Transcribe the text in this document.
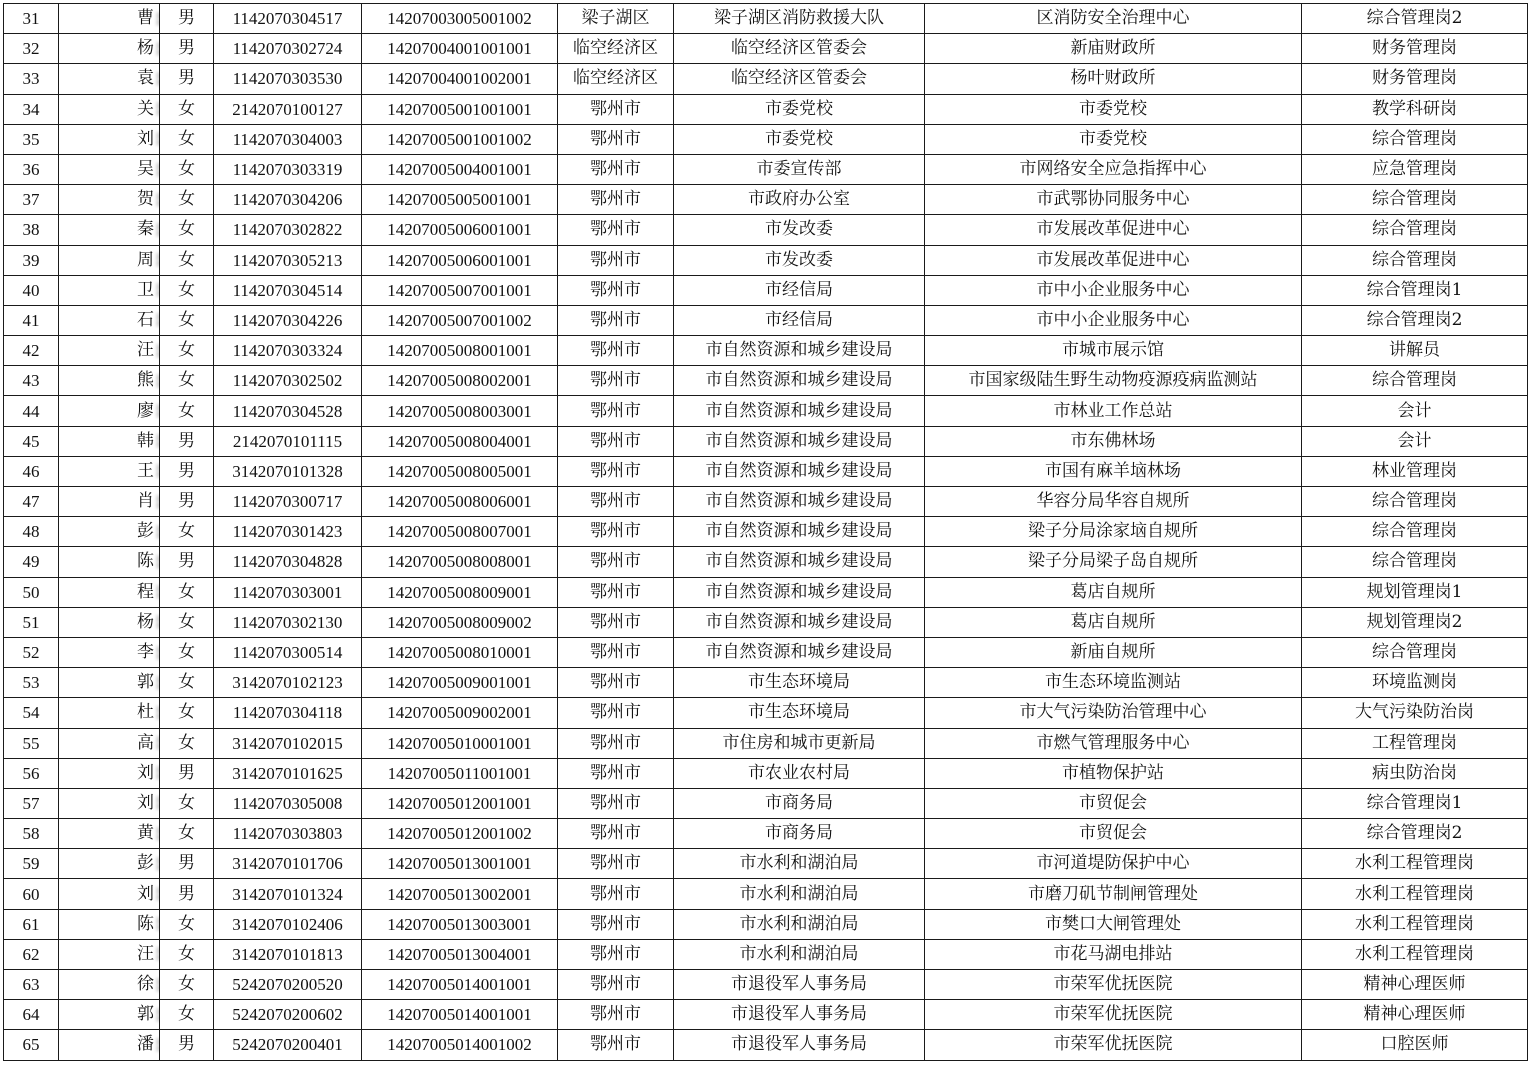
31	曹	男	1142070304517	14207003005001002	梁子湖区	梁子湖区消防救援大队	区消防安全治理中心	综合管理岗2
32	杨	男	1142070302724	14207004001001001	临空经济区	临空经济区管委会	新庙财政所	财务管理岗
33	袁	男	1142070303530	14207004001002001	临空经济区	临空经济区管委会	杨叶财政所	财务管理岗
34	关	女	2142070100127	14207005001001001	鄂州市	市委党校	市委党校	教学科研岗
35	刘	女	1142070304003	14207005001001002	鄂州市	市委党校	市委党校	综合管理岗
36	吴	女	1142070303319	14207005004001001	鄂州市	市委宣传部	市网络安全应急指挥中心	应急管理岗
37	贺	女	1142070304206	14207005005001001	鄂州市	市政府办公室	市武鄂协同服务中心	综合管理岗
38	秦	女	1142070302822	14207005006001001	鄂州市	市发改委	市发展改革促进中心	综合管理岗
39	周	女	1142070305213	14207005006001001	鄂州市	市发改委	市发展改革促进中心	综合管理岗
40	卫	女	1142070304514	14207005007001001	鄂州市	市经信局	市中小企业服务中心	综合管理岗1
41	石	女	1142070304226	14207005007001002	鄂州市	市经信局	市中小企业服务中心	综合管理岗2
42	汪	女	1142070303324	14207005008001001	鄂州市	市自然资源和城乡建设局	市城市展示馆	讲解员
43	熊	女	1142070302502	14207005008002001	鄂州市	市自然资源和城乡建设局	市国家级陆生野生动物疫源疫病监测站	综合管理岗
44	廖	女	1142070304528	14207005008003001	鄂州市	市自然资源和城乡建设局	市林业工作总站	会计
45	韩	男	2142070101115	14207005008004001	鄂州市	市自然资源和城乡建设局	市东佛林场	会计
46	王	男	3142070101328	14207005008005001	鄂州市	市自然资源和城乡建设局	市国有麻羊垴林场	林业管理岗
47	肖	男	1142070300717	14207005008006001	鄂州市	市自然资源和城乡建设局	华容分局华容自规所	综合管理岗
48	彭	女	1142070301423	14207005008007001	鄂州市	市自然资源和城乡建设局	梁子分局涂家垴自规所	综合管理岗
49	陈	男	1142070304828	14207005008008001	鄂州市	市自然资源和城乡建设局	梁子分局梁子岛自规所	综合管理岗
50	程	女	1142070303001	14207005008009001	鄂州市	市自然资源和城乡建设局	葛店自规所	规划管理岗1
51	杨	女	1142070302130	14207005008009002	鄂州市	市自然资源和城乡建设局	葛店自规所	规划管理岗2
52	李	女	1142070300514	14207005008010001	鄂州市	市自然资源和城乡建设局	新庙自规所	综合管理岗
53	郭	女	3142070102123	14207005009001001	鄂州市	市生态环境局	市生态环境监测站	环境监测岗
54	杜	女	1142070304118	14207005009002001	鄂州市	市生态环境局	市大气污染防治管理中心	大气污染防治岗
55	高	女	3142070102015	14207005010001001	鄂州市	市住房和城市更新局	市燃气管理服务中心	工程管理岗
56	刘	男	3142070101625	14207005011001001	鄂州市	市农业农村局	市植物保护站	病虫防治岗
57	刘	女	1142070305008	14207005012001001	鄂州市	市商务局	市贸促会	综合管理岗1
58	黄	女	1142070303803	14207005012001002	鄂州市	市商务局	市贸促会	综合管理岗2
59	彭	男	3142070101706	14207005013001001	鄂州市	市水利和湖泊局	市河道堤防保护中心	水利工程管理岗
60	刘	男	3142070101324	14207005013002001	鄂州市	市水利和湖泊局	市磨刀矶节制闸管理处	水利工程管理岗
61	陈	女	3142070102406	14207005013003001	鄂州市	市水利和湖泊局	市樊口大闸管理处	水利工程管理岗
62	汪	女	3142070101813	14207005013004001	鄂州市	市水利和湖泊局	市花马湖电排站	水利工程管理岗
63	徐	女	5242070200520	14207005014001001	鄂州市	市退役军人事务局	市荣军优抚医院	精神心理医师
64	郭	女	5242070200602	14207005014001001	鄂州市	市退役军人事务局	市荣军优抚医院	精神心理医师
65	潘	男	5242070200401	14207005014001002	鄂州市	市退役军人事务局	市荣军优抚医院	口腔医师
